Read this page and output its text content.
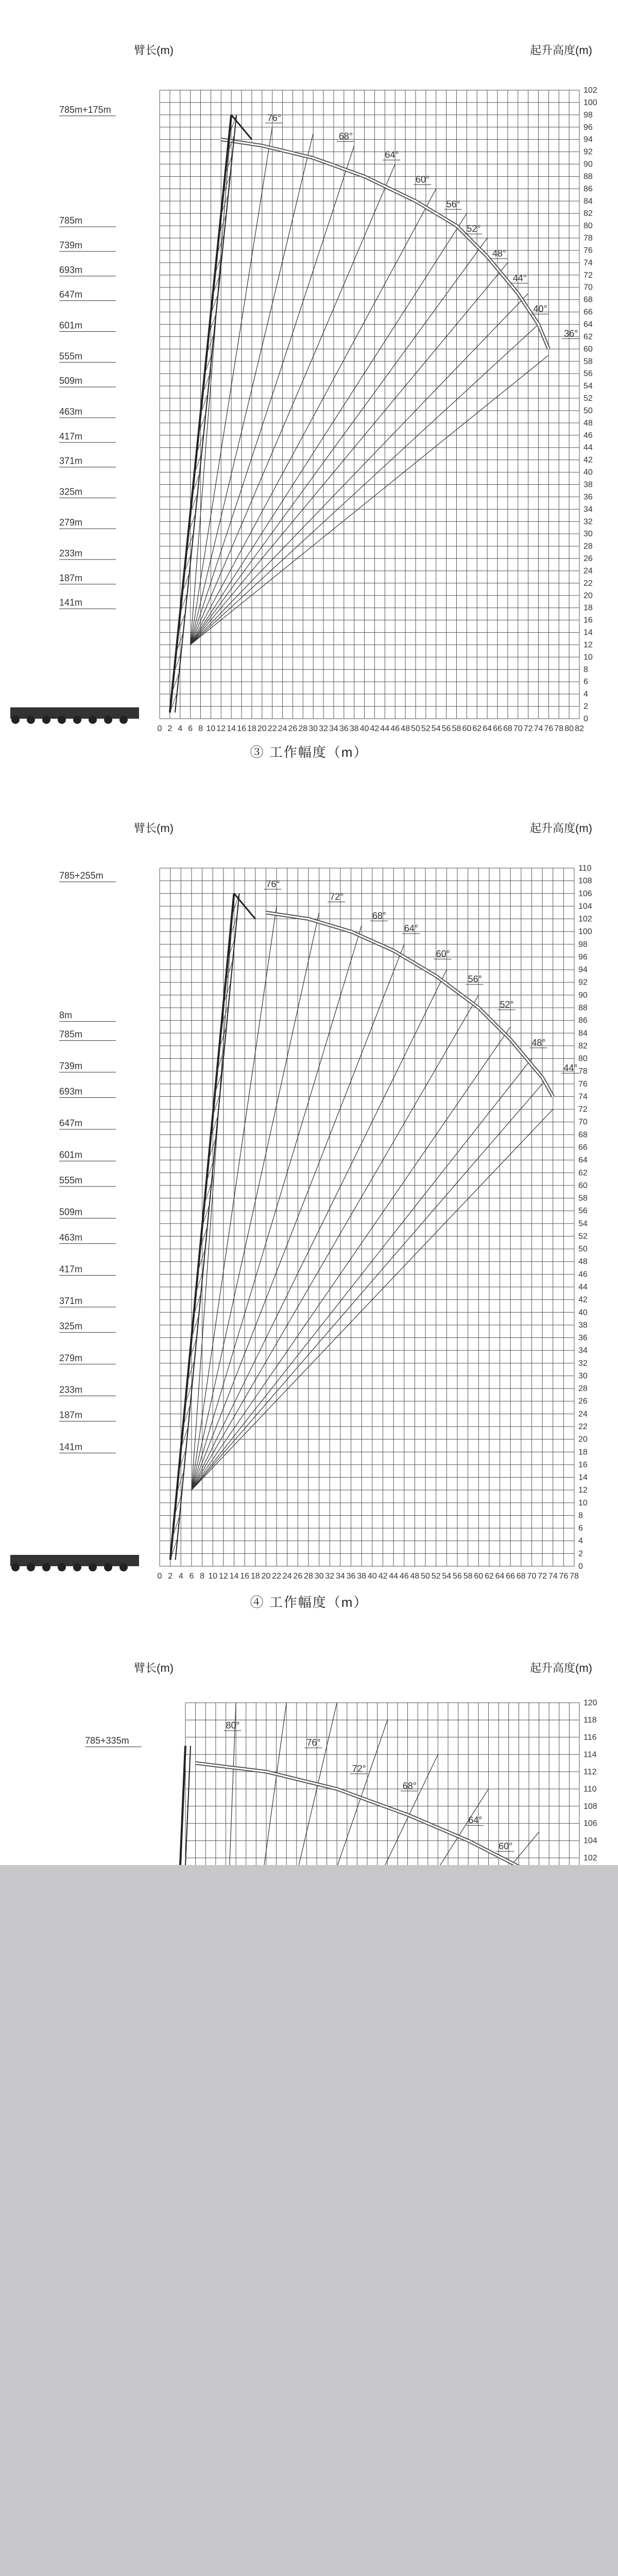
臂长(m)	起升高度(m)
0
2
4
6
8
10
12
14
16
18
20
22
24
26
28
30
32
34
36
38
40
42
44
46
48
50
52
54
56
58
60
62
64
66
68
70
72
74
76
78
80
82
84
86
88
90
92
94
96
98
100
102
0 2 4 6 8 10 12 14 16 18 20 22 24 26 28 30 32 34 36 38 40 42 44 46 48 50 52 54 56 58 60 62 64 66 68 70 72 74 76 78 80 82
76°
68°
64°
60°
56°
52°
48°
44°
40°
36°
785m+175m
785m
739m
693m
647m
601m
555m
509m
463m
417m
371m
325m
279m
233m
187m
141m
③ 工作幅度（m）
臂长(m)	起升高度(m)
0
2
4
6
8
10
12
14
16
18
20
22
24
26
28
30
32
34
36
38
40
42
44
46
48
50
52
54
56
58
60
62
64
66
68
70
72
74
76
78
80
82
84
86
88
90
92
94
96
98
100
102
104
106
108
110
0 2 4 6 8 10 12 14 16 18 20 22 24 26 28 30 32 34 36 38 40 42 44 46 48 50 52 54 56 58 60 62 64 66 68 70 72 74 76 78
76°
72°
68°
64°
60°
56°
52°
48°
44°
785+255m
8m
785m
739m
693m
647m
601m
555m
509m
463m
417m
371m
325m
279m
233m
187m
141m
④ 工作幅度（m）
臂长(m)	起升高度(m)
102
104
106
108
110
112
114
116
118
120
80°
76°
72°
68°
64°
60°
785+335m
